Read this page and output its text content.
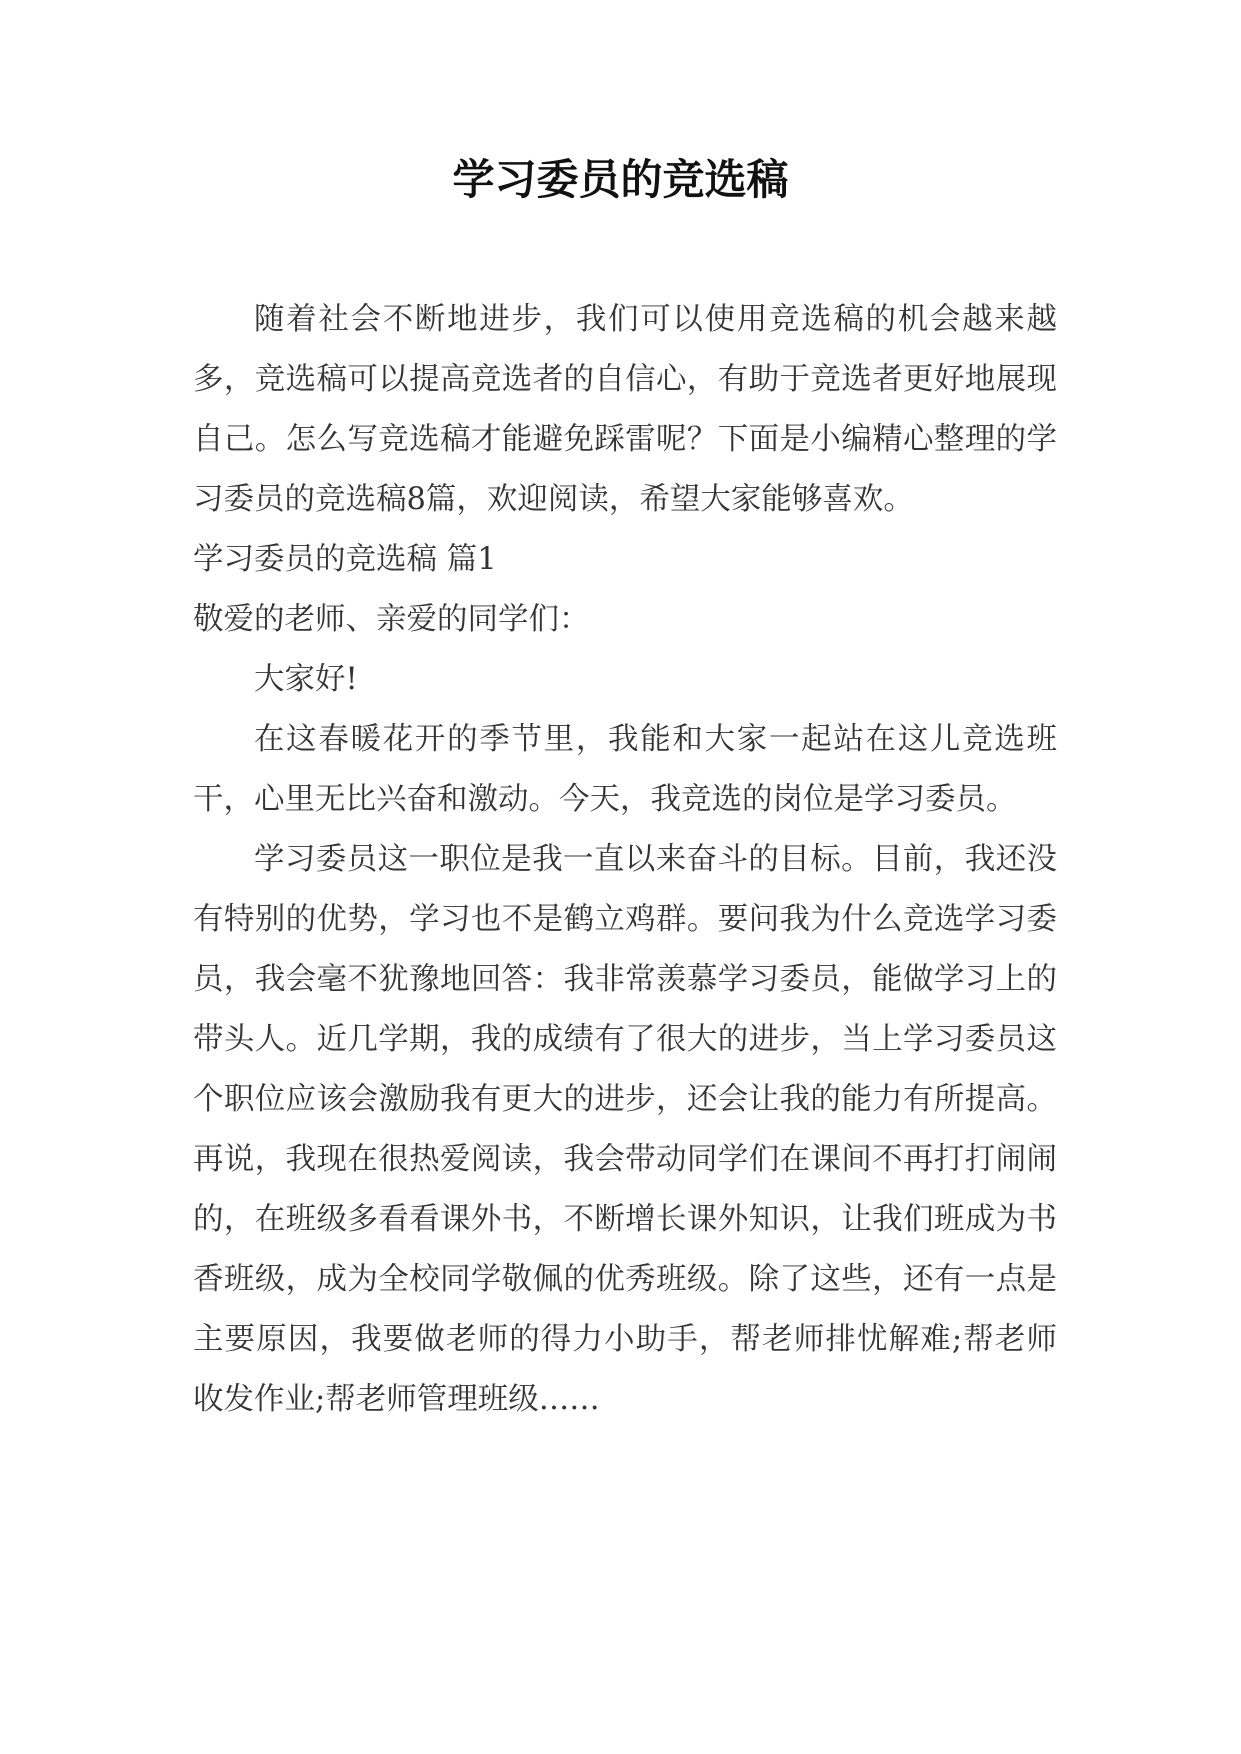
学习委员的竞选稿

随着社会不断地进步，我们可以使用竞选稿的机会越来越多，竞选稿可以提高竞选者的自信心，有助于竞选者更好地展现自己。怎么写竞选稿才能避免踩雷呢？下面是小编精心整理的学习委员的竞选稿8篇，欢迎阅读，希望大家能够喜欢。

学习委员的竞选稿 篇1

敬爱的老师、亲爱的同学们：

大家好!

在这春暖花开的季节里，我能和大家一起站在这儿竞选班干，心里无比兴奋和激动。今天，我竞选的岗位是学习委员。

学习委员这一职位是我一直以来奋斗的目标。目前，我还没有特别的优势，学习也不是鹤立鸡群。要问我为什么竞选学习委员，我会毫不犹豫地回答：我非常羡慕学习委员，能做学习上的带头人。近几学期，我的成绩有了很大的进步，当上学习委员这个职位应该会激励我有更大的进步，还会让我的能力有所提高。再说，我现在很热爱阅读，我会带动同学们在课间不再打打闹闹的，在班级多看看课外书，不断增长课外知识，让我们班成为书香班级，成为全校同学敬佩的优秀班级。除了这些，还有一点是主要原因，我要做老师的得力小助手，帮老师排忧解难;帮老师收发作业;帮老师管理班级……
